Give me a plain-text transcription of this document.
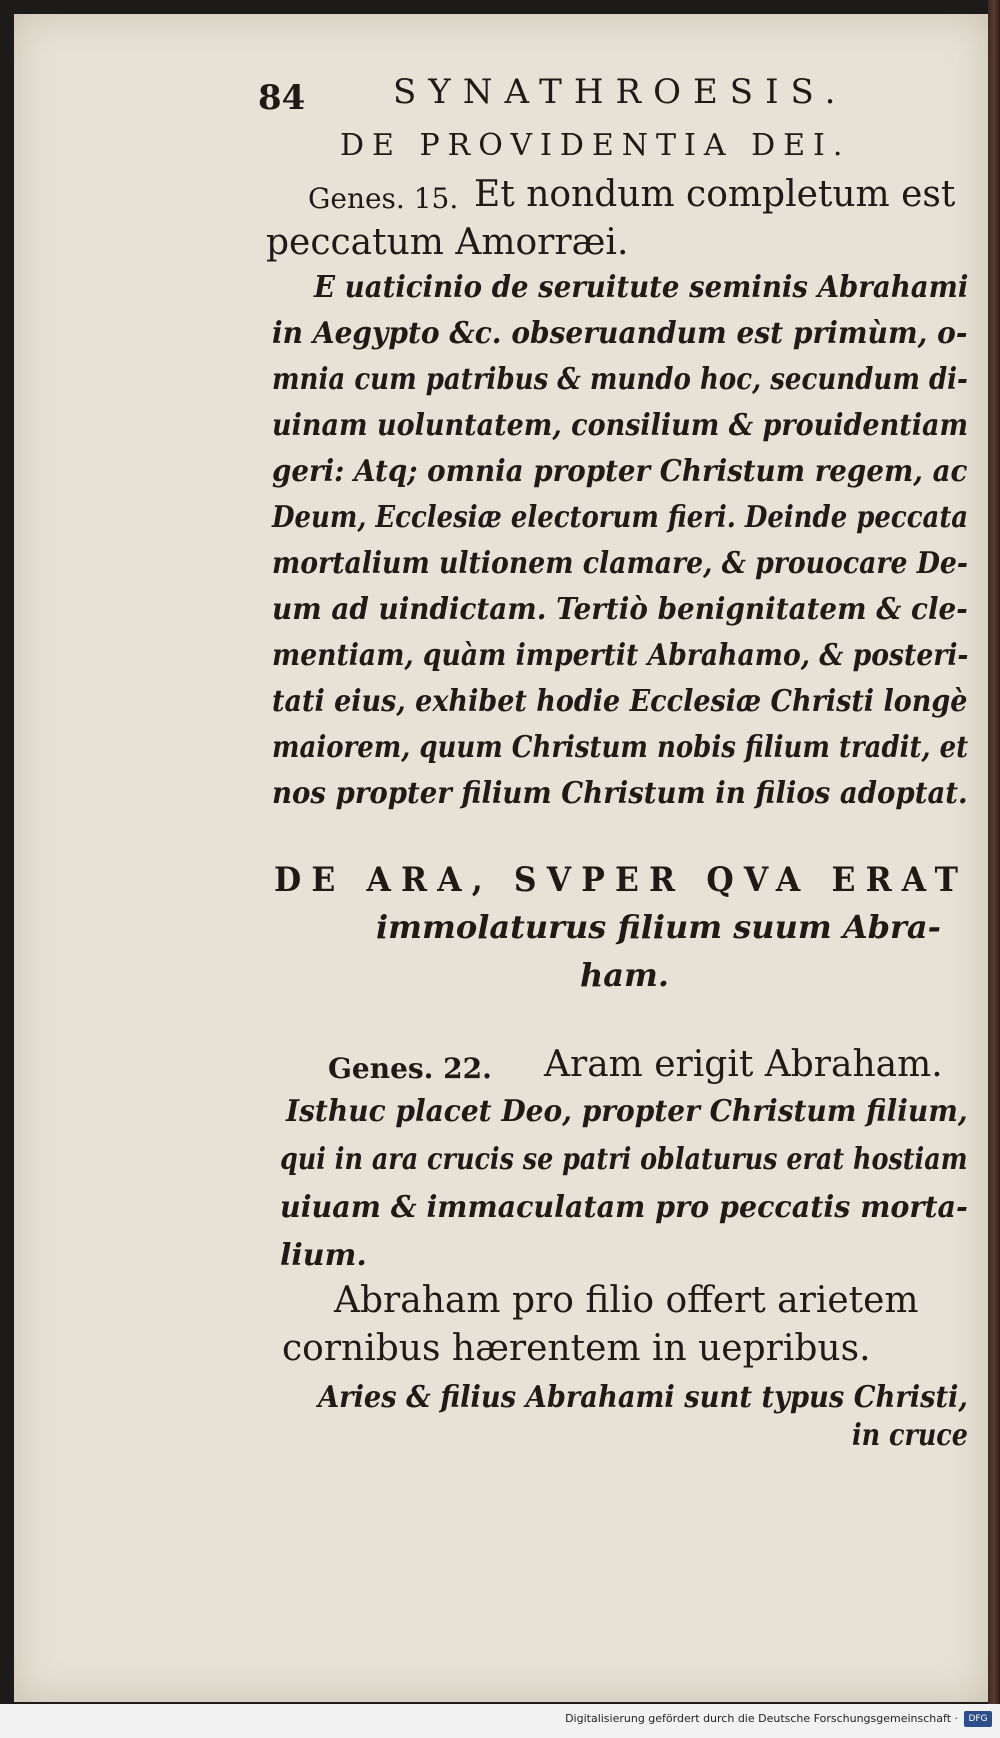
84	SYNATHROESIS.
DE PROVIDENTIA DEI.
Genes. 15. Et nondum completum est
peccatum Amorræi.
E uaticinio de seruitute seminis Abrahami
in Aegypto &c. obseruandum est primùm, o-
mnia cum patribus & mundo hoc, secundum di-
uinam uoluntatem, consilium & prouidentiam
geri: Atq; omnia propter Christum regem, ac
Deum, Ecclesiæ electorum fieri. Deinde peccata
mortalium ultionem clamare, & prouocare De-
um ad uindictam. Tertiò benignitatem & cle-
mentiam, quàm impertit Abrahamo, & posteri-
tati eius, exhibet hodie Ecclesiæ Christi longè
maiorem, quum Christum nobis filium tradit, et
nos propter filium Christum in filios adoptat.
DE ARA, SVPER QVA ERAT
immolaturus filium suum Abra-
ham.
Genes. 22. Aram erigit Abraham.
Isthuc placet Deo, propter Christum filium,
qui in ara crucis se patri oblaturus erat hostiam
uiuam & immaculatam pro peccatis morta-
lium.
Abraham pro filio offert arietem
cornibus hærentem in uepribus.
Aries & filius Abrahami sunt typus Christi,
in cruce
Digitalisierung gefördert durch die Deutsche Forschungsgemeinschaft ·	DFG
